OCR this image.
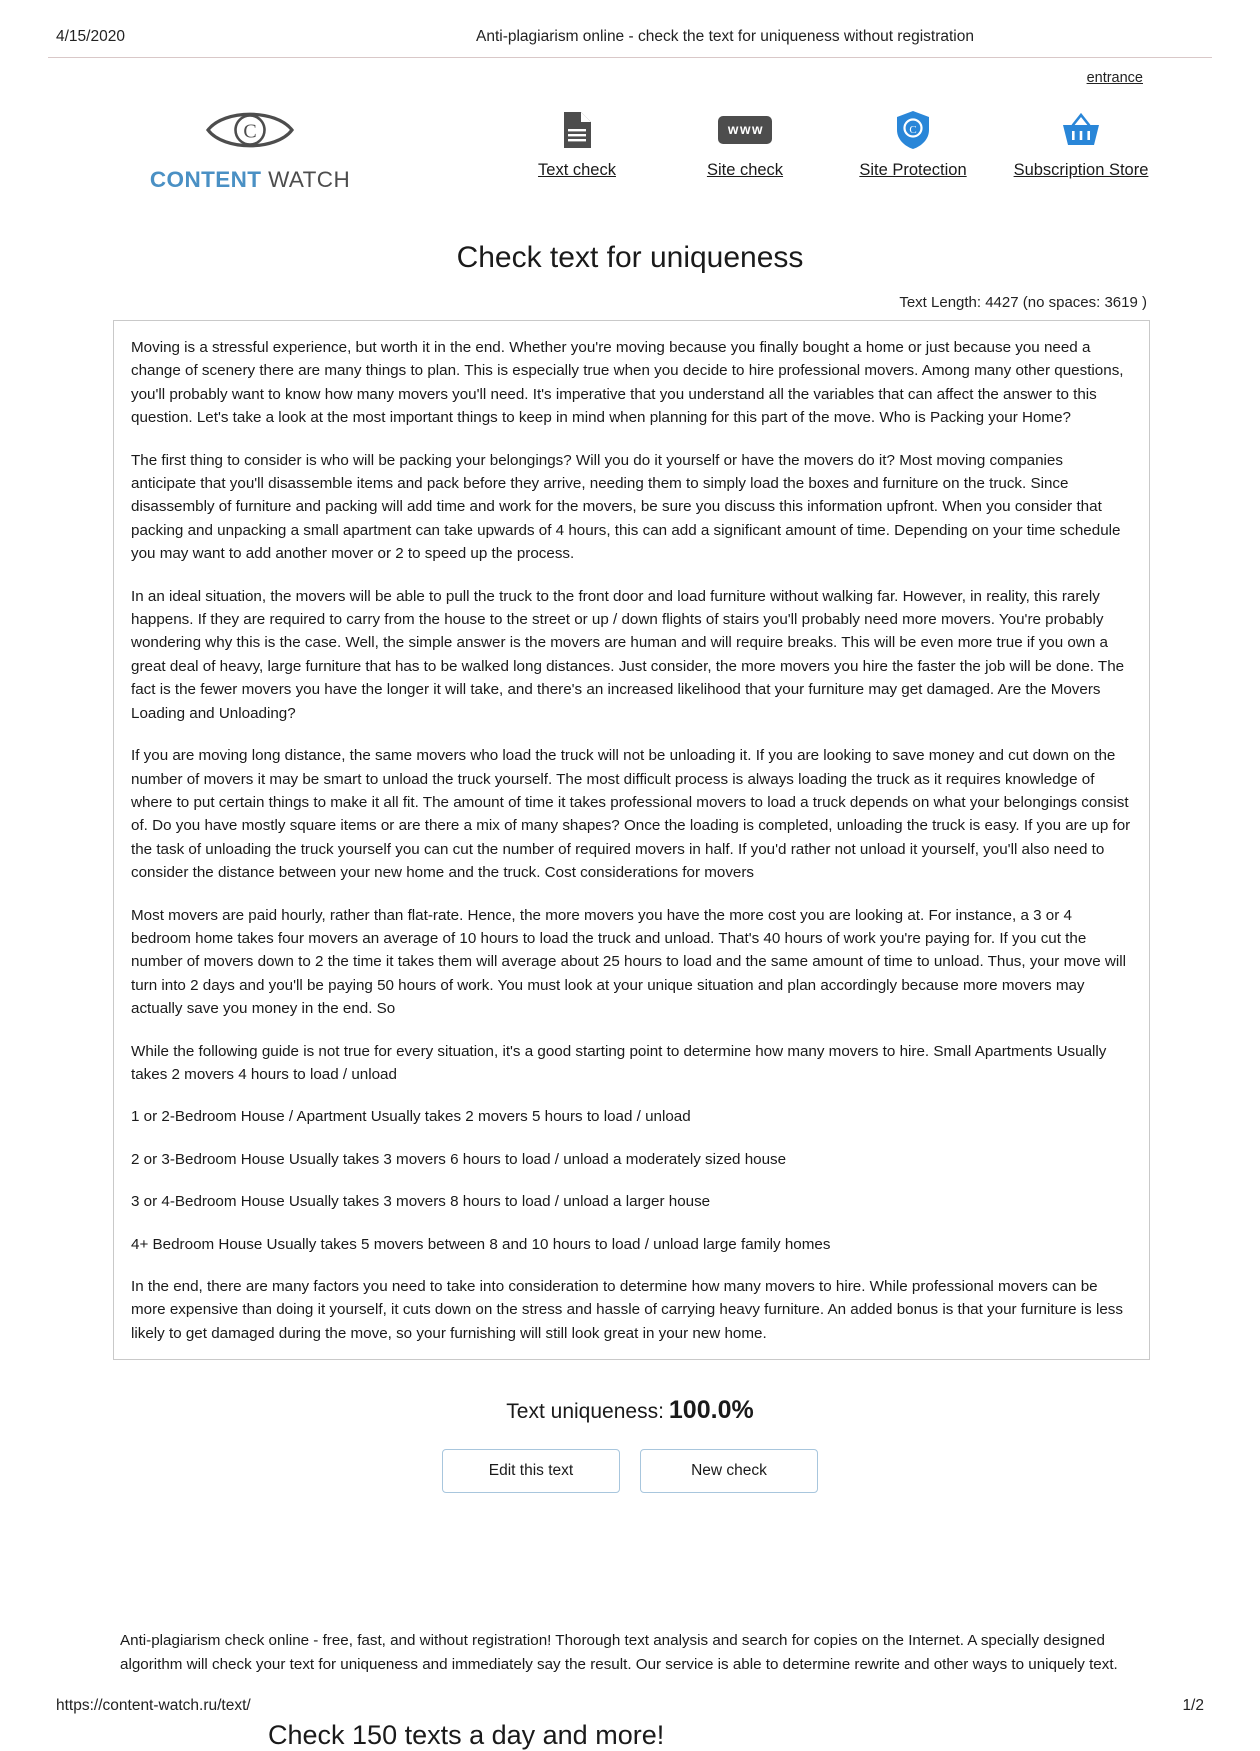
4/15/2020	Anti-plagiarism online - check the text for uniqueness without registration
entrance
C
CONTENT WATCH	Text check
www
Site check
C
Site Protection	Subscription Store
Check text for uniqueness
Text Length: 4427 (no spaces: 3619 )

Moving is a stressful experience, but worth it in the end. Whether you're moving because you finally bought a home or just because you need a change of scenery there are many things to plan. This is especially true when you decide to hire professional movers. Among many other questions, you'll probably want to know how many movers you'll need. It's imperative that you understand all the variables that can affect the answer to this question. Let's take a look at the most important things to keep in mind when planning for this part of the move. Who is Packing your Home?

The first thing to consider is who will be packing your belongings? Will you do it yourself or have the movers do it? Most moving companies anticipate that you'll disassemble items and pack before they arrive, needing them to simply load the boxes and furniture on the truck. Since disassembly of furniture and packing will add time and work for the movers, be sure you discuss this information upfront. When you consider that packing and unpacking a small apartment can take upwards of 4 hours, this can add a significant amount of time. Depending on your time schedule you may want to add another mover or 2 to speed up the process.

In an ideal situation, the movers will be able to pull the truck to the front door and load furniture without walking far. However, in reality, this rarely happens. If they are required to carry from the house to the street or up / down flights of stairs you'll probably need more movers. You're probably wondering why this is the case. Well, the simple answer is the movers are human and will require breaks. This will be even more true if you own a great deal of heavy, large furniture that has to be walked long distances. Just consider, the more movers you hire the faster the job will be done. The fact is the fewer movers you have the longer it will take, and there's an increased likelihood that your furniture may get damaged. Are the Movers Loading and Unloading?

If you are moving long distance, the same movers who load the truck will not be unloading it. If you are looking to save money and cut down on the number of movers it may be smart to unload the truck yourself. The most difficult process is always loading the truck as it requires knowledge of where to put certain things to make it all fit. The amount of time it takes professional movers to load a truck depends on what your belongings consist of. Do you have mostly square items or are there a mix of many shapes? Once the loading is completed, unloading the truck is easy. If you are up for the task of unloading the truck yourself you can cut the number of required movers in half. If you'd rather not unload it yourself, you'll also need to consider the distance between your new home and the truck. Cost considerations for movers

Most movers are paid hourly, rather than flat-rate. Hence, the more movers you have the more cost you are looking at. For instance, a 3 or 4 bedroom home takes four movers an average of 10 hours to load the truck and unload. That's 40 hours of work you're paying for. If you cut the number of movers down to 2 the time it takes them will average about 25 hours to load and the same amount of time to unload. Thus, your move will turn into 2 days and you'll be paying 50 hours of work. You must look at your unique situation and plan accordingly because more movers may actually save you money in the end. So

While the following guide is not true for every situation, it's a good starting point to determine how many movers to hire. Small Apartments Usually takes 2 movers 4 hours to load / unload

1 or 2-Bedroom House / Apartment Usually takes 2 movers 5 hours to load / unload

2 or 3-Bedroom House Usually takes 3 movers 6 hours to load / unload a moderately sized house

3 or 4-Bedroom House Usually takes 3 movers 8 hours to load / unload a larger house

4+ Bedroom House Usually takes 5 movers between 8 and 10 hours to load / unload large family homes

In the end, there are many factors you need to take into consideration to determine how many movers to hire. While professional movers can be more expensive than doing it yourself, it cuts down on the stress and hassle of carrying heavy furniture. An added bonus is that your furniture is less likely to get damaged during the move, so your furnishing will still look great in your new home.

Text uniqueness: 100.0%
Edit this text	New check
Anti-plagiarism check online - free, fast, and without registration! Thorough text analysis and search for copies on the Internet. A specially designed algorithm will check your text for uniqueness and immediately say the result. Our service is able to determine rewrite and other ways to uniquely text.
Check 150 texts a day and more!
https://content-watch.ru/text/	1/2
